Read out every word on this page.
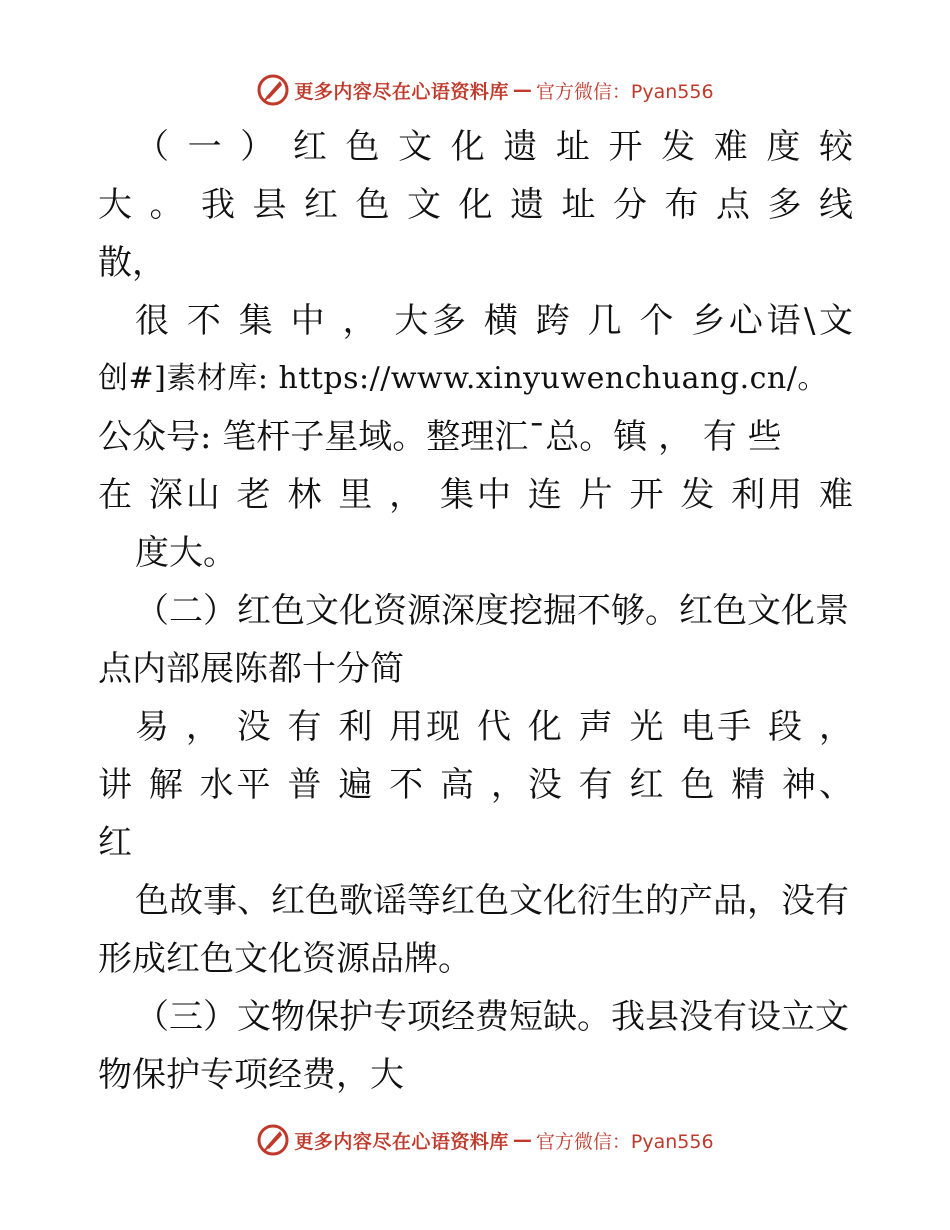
更多内容尽在心语资料库 — 官方微信：Pyan556
（ 一 ） 红 色 文 化 遗 址 开 发 难 度 较
大 。 我 县 红 色 文 化 遗 址 分 布 点 多 线
散，
很 不 集 中 ， 大多 横 跨 几 个 乡心语\文
创#]素材库: https://www.xinyuwenchuang.cn/。
公众号: 笔杆子星域。整理汇¯总。镇 ， 有 些
在 深山 老 林 里 ， 集中 连 片 开 发 利用 难
度大。
（二）红色文化资源深度挖掘不够。红色文化景
点内部展陈都十分简
易 ， 没 有 利 用现 代 化 声 光 电手 段 ，
讲 解 水平 普 遍 不 高 ，没 有 红 色 精 神、
红
色故事、红色歌谣等红色文化衍生的产品，没有
形成红色文化资源品牌。
（三）文物保护专项经费短缺。我县没有设立文
物保护专项经费，大
更多内容尽在心语资料库 — 官方微信：Pyan556
